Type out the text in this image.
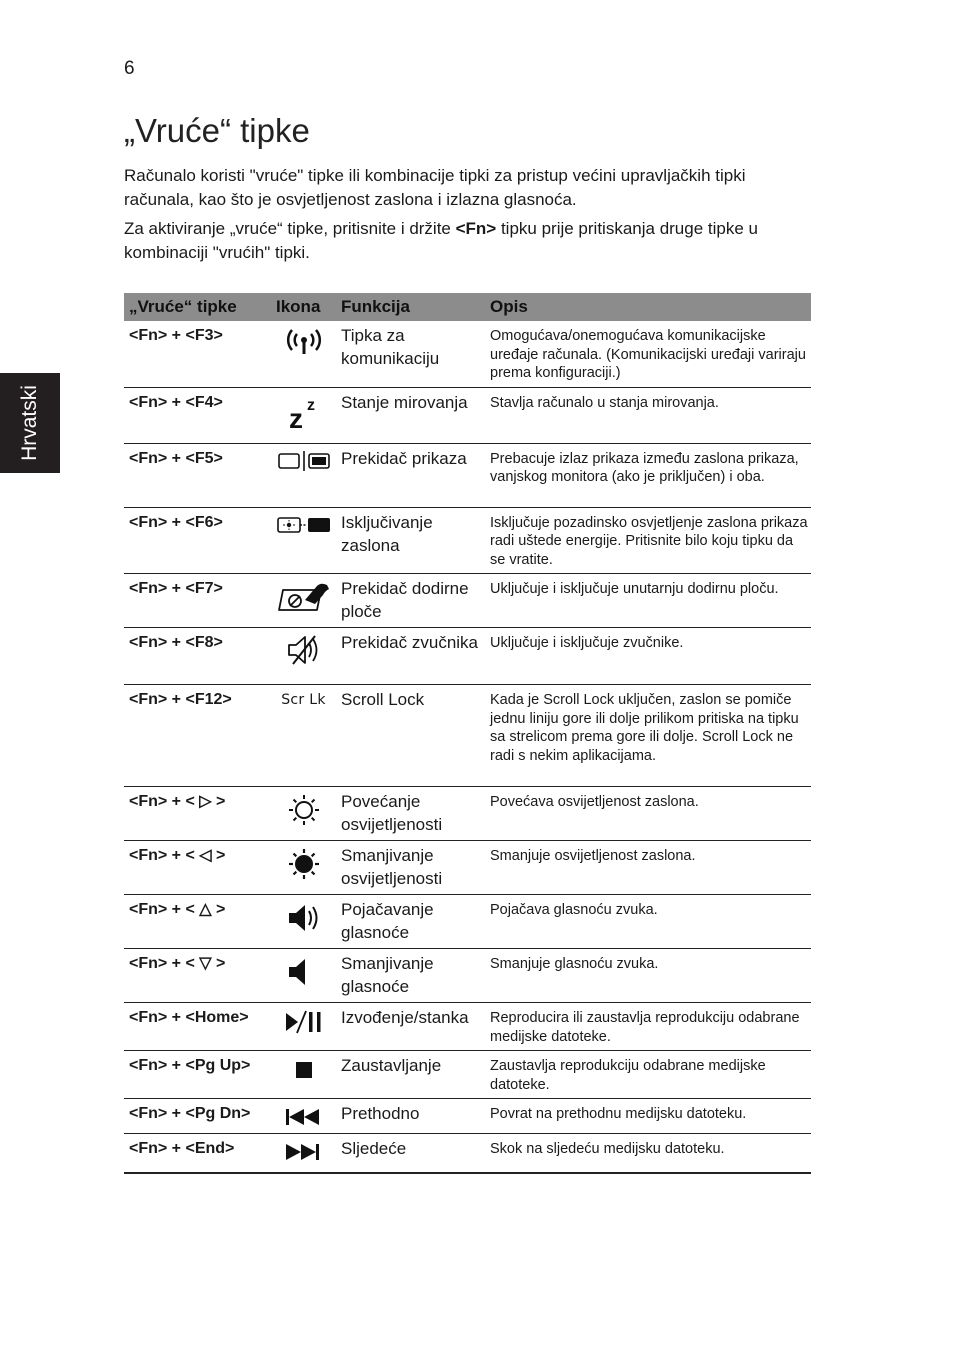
6
Hrvatski
„Vruće“ tipke

Računalo koristi "vruće" tipke ili kombinacije tipki za pristup većini upravljačkih tipki računala, kao što je osvjetljenost zaslona i izlazna glasnoća.

Za aktiviranje „vruće“ tipke, pritisnite i držite <Fn> tipku prije pritiskanja druge tipke u kombinaciji "vrućih" tipki.

„Vruće“ tipke	Ikona	Funkcija	Opis
<Fn> + <F3>		Tipka za komunikaciju	Omogućava/onemogućava komunikacijske uređaje računala. (Komunikacijski uređaji variraju prema konfiguraciji.)
<Fn> + <F4>	z z	Stanje mirovanja	Stavlja računalo u stanja mirovanja.
<Fn> + <F5>		Prekidač prikaza	Prebacuje izlaz prikaza između zaslona prikaza, vanjskog monitora (ako je priključen) i oba.
<Fn> + <F6>		Isključivanje zaslona	Isključuje pozadinsko osvjetljenje zaslona prikaza radi uštede energije. Pritisnite bilo koju tipku da se vratite.
<Fn> + <F7>		Prekidač dodirne ploče	Uključuje i isključuje unutarnju dodirnu ploču.
<Fn> + <F8>		Prekidač zvučnika	Uključuje i isključuje zvučnike.
<Fn> + <F12>	Scr Lk	Scroll Lock	Kada je Scroll Lock uključen, zaslon se pomiče jednu liniju gore ili dolje prilikom pritiska na tipku sa strelicom prema gore ili dolje. Scroll Lock ne radi s nekim aplikacijama.
<Fn> + < ▷ >		Povećanje osvijetljenosti	Povećava osvijetljenost zaslona.
<Fn> + < ◁ >		Smanjivanje osvijetljenosti	Smanjuje osvijetljenost zaslona.
<Fn> + < △ >		Pojačavanje glasnoće	Pojačava glasnoću zvuka.
<Fn> + < ▽ >		Smanjivanje glasnoće	Smanjuje glasnoću zvuka.
<Fn> + <Home>		Izvođenje/stanka	Reproducira ili zaustavlja reprodukciju odabrane medijske datoteke.
<Fn> + <Pg Up>		Zaustavljanje	Zaustavlja reprodukciju odabrane medijske datoteke.
<Fn> + <Pg Dn>		Prethodno	Povrat na prethodnu medijsku datoteku.
<Fn> + <End>		Sljedeće	Skok na sljedeću medijsku datoteku.
